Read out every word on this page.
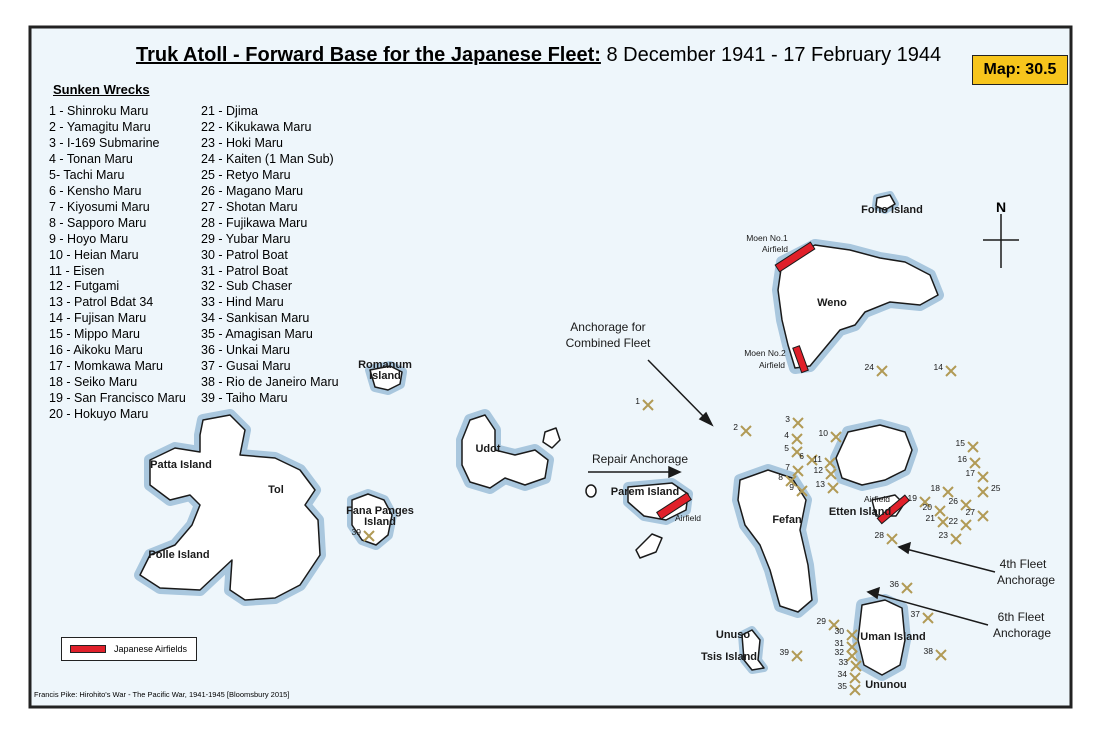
1
2
3
4
5
6
7
8
9
10
11
12
13
14
15
16
17
18
19
20
21 22
23
24
25
26
27
28
29
30
31
32
33
34
35
36
37
38
39
39
N
Patta Island
Tol
Polle Island
Romanum
Island
Udot
Fana Panges
Island
Parem Island
Fefan
Etten Island
Weno
Fono Island
Uman Island
Ununou
Unuso
Tsis Island
Airfield
Airfield
Moen No.1
Airfield
Moen No.2
Airfield
Anchorage for
Combined Fleet
Repair Anchorage
4th Fleet
Anchorage
6th Fleet
Anchorage
Truk Atoll - Forward Base for the Japanese Fleet: 8 December 1941 - 17 February 1944
Map: 30.5
Sunken Wrecks
1 - Shinroku Maru
2 - Yamagitu Maru
3 - I-169 Submarine
4 - Tonan Maru
5- Tachi Maru
6 - Kensho Maru
7 - Kiyosumi Maru
8 - Sapporo Maru
9 - Hoyo Maru
10 - Heian Maru
11 - Eisen
12 - Futgami
13 - Patrol Bdat 34
14 - Fujisan Maru
15 - Mippo Maru
16 - Aikoku Maru
17 - Momkawa Maru
18 - Seiko Maru
19 - San Francisco Maru
20 - Hokuyo Maru
21 - Djima
22 - Kikukawa Maru
23 - Hoki Maru
24 - Kaiten (1 Man Sub)
25 - Retyo Maru
26 - Magano Maru
27 - Shotan Maru
28 - Fujikawa Maru
29 - Yubar Maru
30 - Patrol Boat
31 - Patrol Boat
32 - Sub Chaser
33 - Hind Maru
34 - Sankisan Maru
35 - Amagisan Maru
36 - Unkai Maru
37 - Gusai Maru
38 - Rio de Janeiro Maru
39 - Taiho Maru
Japanese Airfields
Francis Pike: Hirohito's War - The Pacific War, 1941-1945 [Bloomsbury 2015]
